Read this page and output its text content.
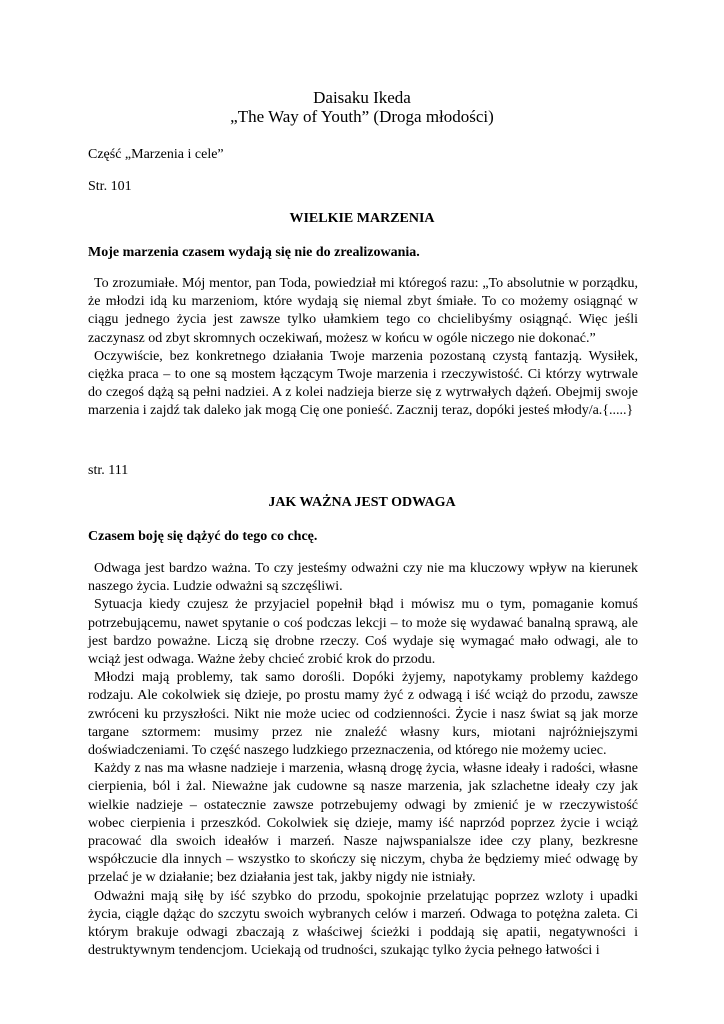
Daisaku Ikeda
„The Way of Youth” (Droga młodości)
Część „Marzenia i cele”
Str. 101
WIELKIE MARZENIA
Moje marzenia czasem wydają się nie do zrealizowania.

To zrozumiałe. Mój mentor, pan Toda, powiedział mi któregoś razu: „To absolutnie w porządku, że młodzi idą ku marzeniom, które wydają się niemal zbyt śmiałe. To co możemy osiągnąć w ciągu jednego życia jest zawsze tylko ułamkiem tego co chcielibyśmy osiągnąć. Więc jeśli zaczynasz od zbyt skromnych oczekiwań, możesz w końcu w ogóle niczego nie dokonać.”

Oczywiście, bez konkretnego działania Twoje marzenia pozostaną czystą fantazją. Wysiłek, ciężka praca – to one są mostem łączącym Twoje marzenia i rzeczywistość. Ci którzy wytrwale do czegoś dążą są pełni nadziei. A z kolei nadzieja bierze się z wytrwałych dążeń. Obejmij swoje marzenia i zajdź tak daleko jak mogą Cię one ponieść. Zacznij teraz, dopóki jesteś młody/a.{.....}

str. 111
JAK WAŻNA JEST ODWAGA
Czasem boję się dążyć do tego co chcę.

Odwaga jest bardzo ważna. To czy jesteśmy odważni czy nie ma kluczowy wpływ na kierunek naszego życia. Ludzie odważni są szczęśliwi.

Sytuacja kiedy czujesz że przyjaciel popełnił błąd i mówisz mu o tym, pomaganie komuś potrzebującemu, nawet spytanie o coś podczas lekcji – to może się wydawać banalną sprawą, ale jest bardzo poważne. Liczą się drobne rzeczy. Coś wydaje się wymagać mało odwagi, ale to wciąż jest odwaga. Ważne żeby chcieć zrobić krok do przodu.

Młodzi mają problemy, tak samo dorośli. Dopóki żyjemy, napotykamy problemy każdego rodzaju. Ale cokolwiek się dzieje, po prostu mamy żyć z odwagą i iść wciąż do przodu, zawsze zwróceni ku przyszłości. Nikt nie może uciec od codzienności. Życie i nasz świat są jak morze targane sztormem: musimy przez nie znaleźć własny kurs, miotani najróżniejszymi doświadczeniami. To część naszego ludzkiego przeznaczenia, od którego nie możemy uciec.

Każdy z nas ma własne nadzieje i marzenia, własną drogę życia, własne ideały i radości, własne cierpienia, ból i żal. Nieważne jak cudowne są nasze marzenia, jak szlachetne ideały czy jak wielkie nadzieje – ostatecznie zawsze potrzebujemy odwagi by zmienić je w rzeczywistość wobec cierpienia i przeszkód. Cokolwiek się dzieje, mamy iść naprzód poprzez życie i wciąż pracować dla swoich ideałów i marzeń. Nasze najwspanialsze idee czy plany, bezkresne współczucie dla innych – wszystko to skończy się niczym, chyba że będziemy mieć odwagę by przelać je w działanie; bez działania jest tak, jakby nigdy nie istniały.

Odważni mają siłę by iść szybko do przodu, spokojnie przelatując poprzez wzloty i upadki życia, ciągle dążąc do szczytu swoich wybranych celów i marzeń. Odwaga to potężna zaleta. Ci którym brakuje odwagi zbaczają z właściwej ścieżki i poddają się apatii, negatywności i destruktywnym tendencjom. Uciekają od trudności, szukając tylko życia pełnego łatwości i
